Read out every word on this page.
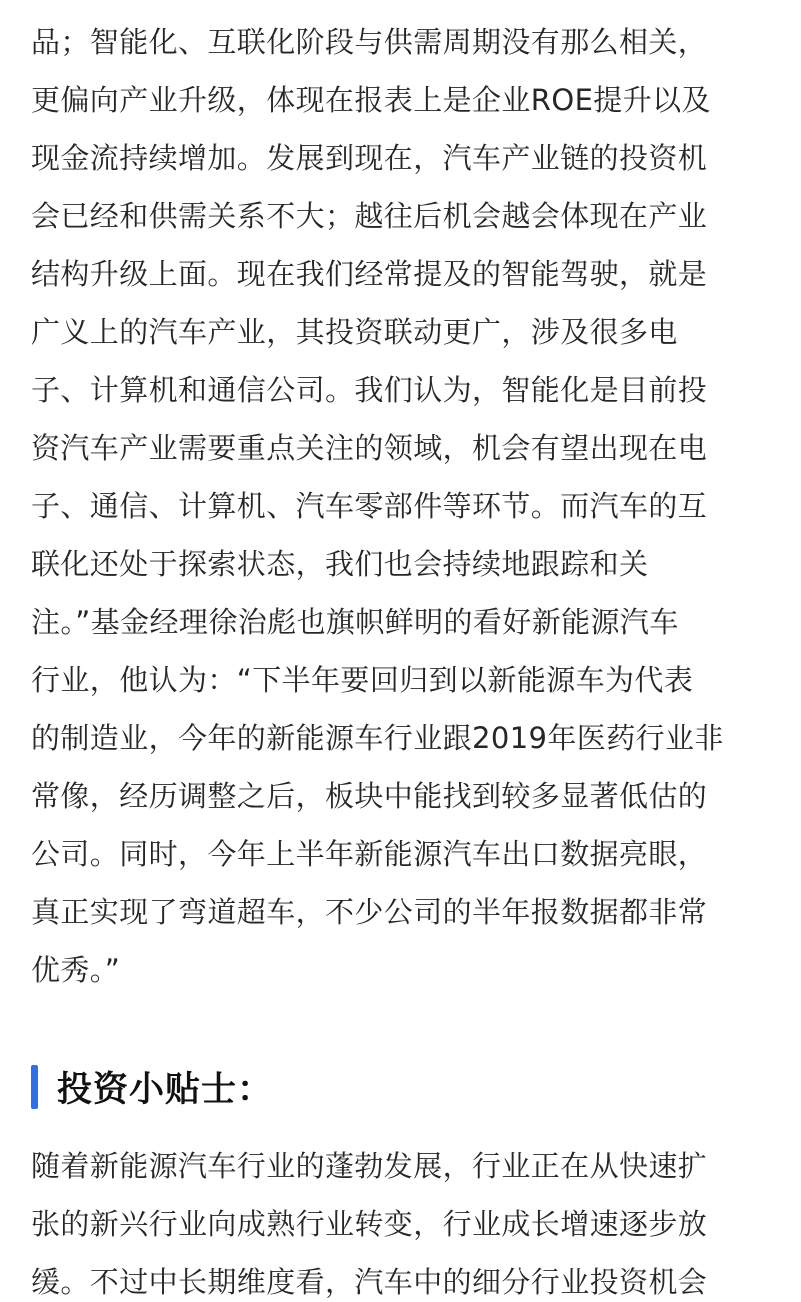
品；智能化、互联化阶段与供需周期没有那么相关，
更偏向产业升级，体现在报表上是企业ROE提升以及
现金流持续增加。发展到现在，汽车产业链的投资机
会已经和供需关系不大；越往后机会越会体现在产业
结构升级上面。现在我们经常提及的智能驾驶，就是
广义上的汽车产业，其投资联动更广，涉及很多电
子、计算机和通信公司。我们认为，智能化是目前投
资汽车产业需要重点关注的领域，机会有望出现在电
子、通信、计算机、汽车零部件等环节。而汽车的互
联化还处于探索状态，我们也会持续地跟踪和关
注。”基金经理徐治彪也旗帜鲜明的看好新能源汽车
行业，他认为：“下半年要回归到以新能源车为代表
的制造业，今年的新能源车行业跟2019年医药行业非
常像，经历调整之后，板块中能找到较多显著低估的
公司。同时，今年上半年新能源汽车出口数据亮眼，
真正实现了弯道超车，不少公司的半年报数据都非常
优秀。”
投资小贴士：
随着新能源汽车行业的蓬勃发展，行业正在从快速扩
张的新兴行业向成熟行业转变，行业成长增速逐步放
缓。不过中长期维度看，汽车中的细分行业投资机会
